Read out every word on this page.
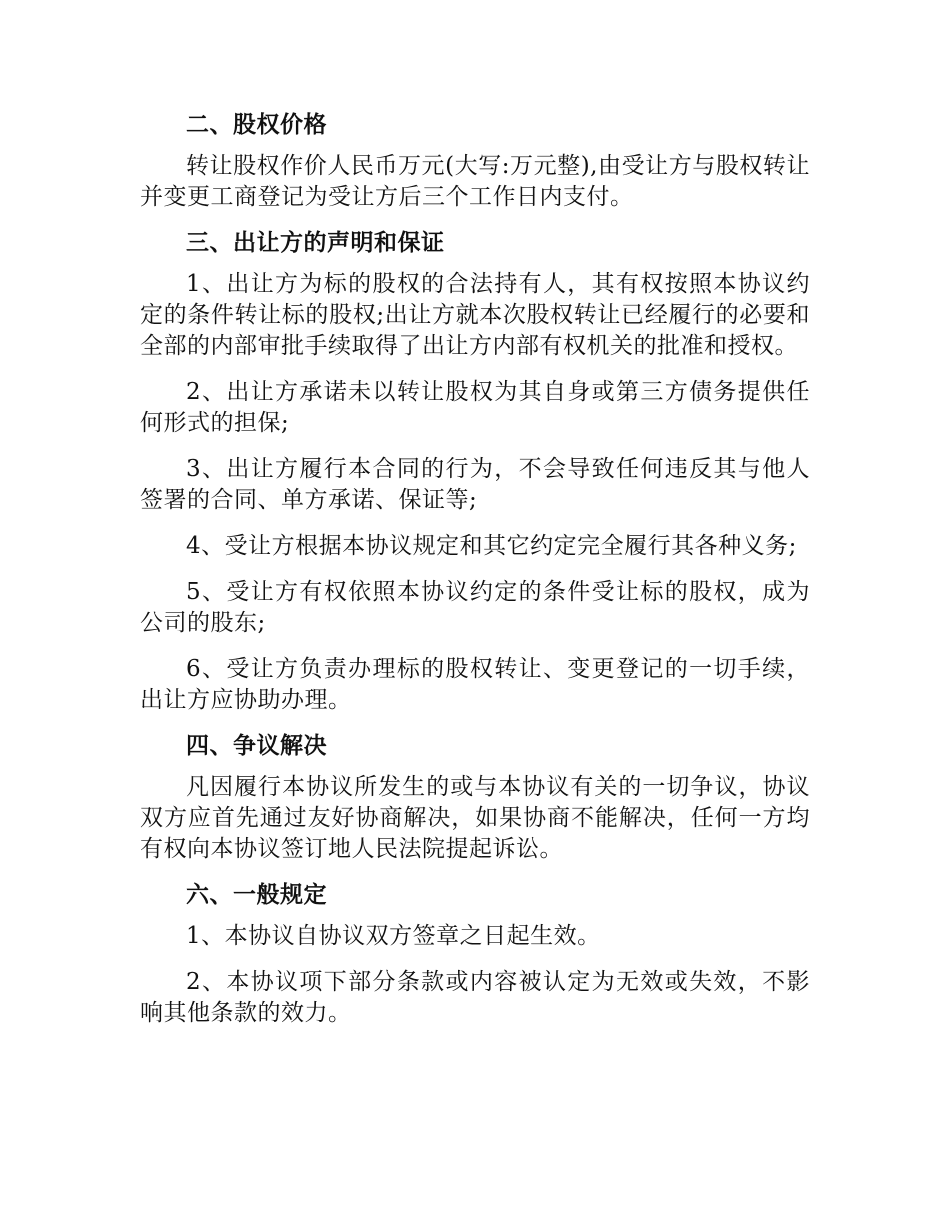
二、股权价格

转让股权作价人民币万元(大写:万元整),由受让方与股权转让并变更工商登记为受让方后三个工作日内支付。

三、出让方的声明和保证

1、出让方为标的股权的合法持有人，其有权按照本协议约定的条件转让标的股权;出让方就本次股权转让已经履行的必要和全部的内部审批手续取得了出让方内部有权机关的批准和授权。

2、出让方承诺未以转让股权为其自身或第三方债务提供任何形式的担保;

3、出让方履行本合同的行为，不会导致任何违反其与他人签署的合同、单方承诺、保证等;

4、受让方根据本协议规定和其它约定完全履行其各种义务;

5、受让方有权依照本协议约定的条件受让标的股权，成为公司的股东;

6、受让方负责办理标的股权转让、变更登记的一切手续，出让方应协助办理。

四、争议解决

凡因履行本协议所发生的或与本协议有关的一切争议，协议双方应首先通过友好协商解决，如果协商不能解决，任何一方均有权向本协议签订地人民法院提起诉讼。

六、一般规定

1、本协议自协议双方签章之日起生效。

2、本协议项下部分条款或内容被认定为无效或失效，不影响其他条款的效力。
